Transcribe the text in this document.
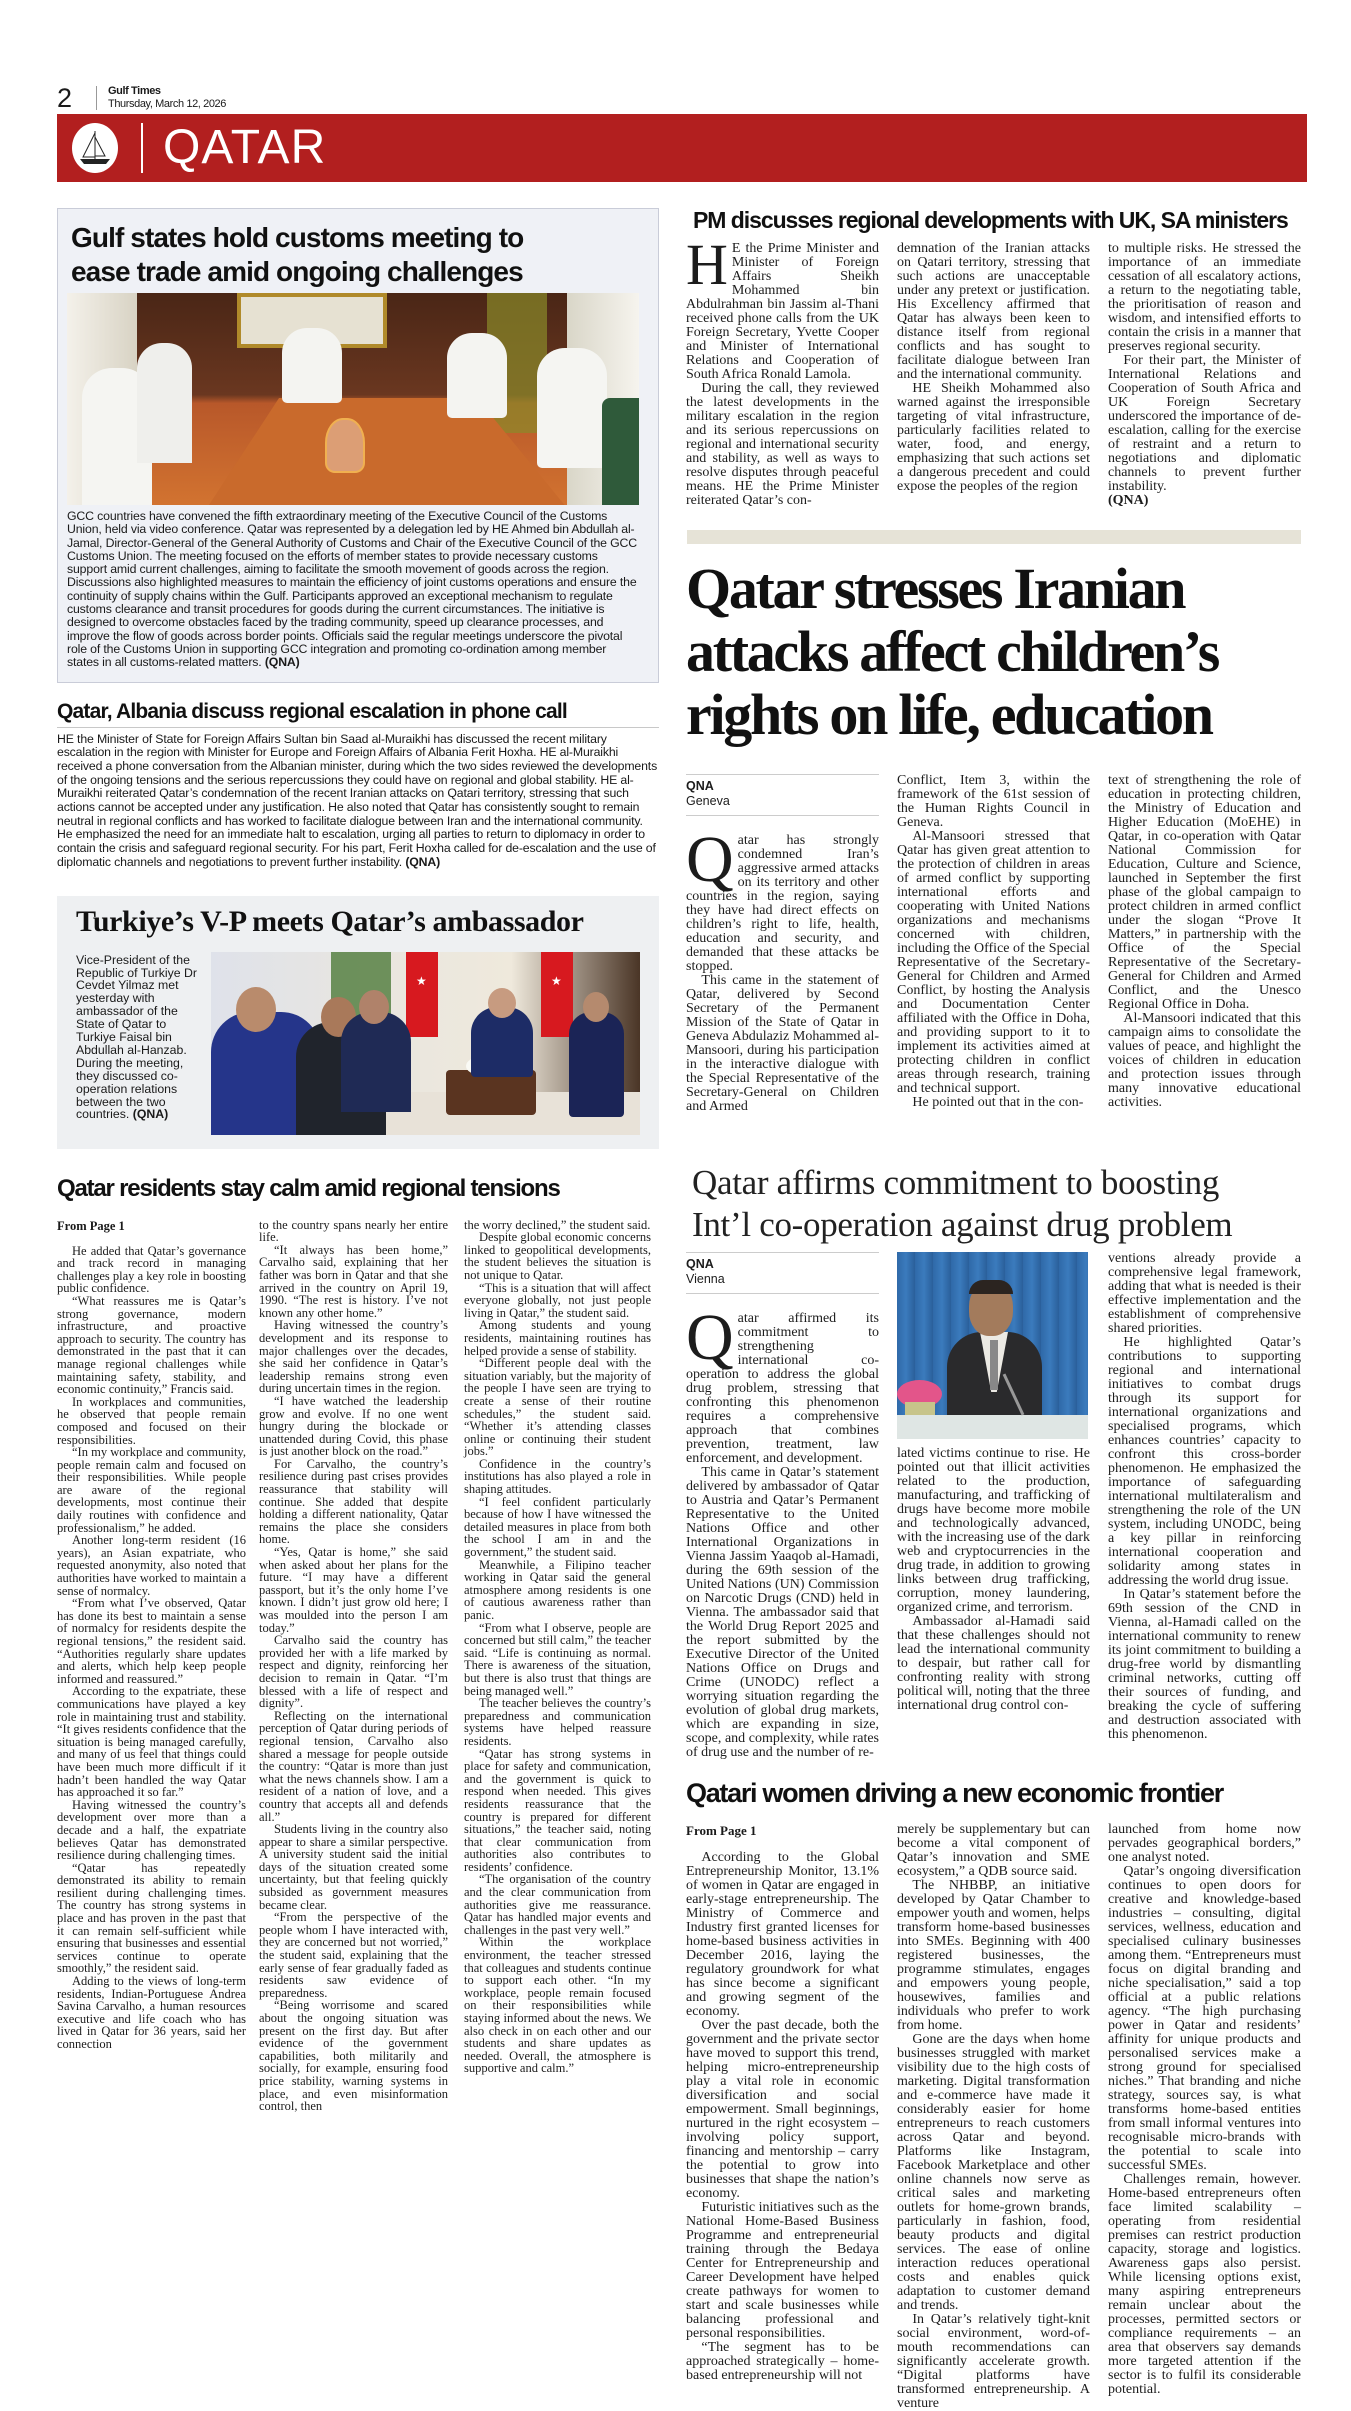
2	Gulf Times
Thursday, March 12, 2026
QATAR
Gulf states hold customs meeting to
ease trade amid ongoing challenges
GCC countries have convened the fifth extraordinary meeting of the Executive Council of the Customs Union, held via video conference. Qatar was represented by a delegation led by HE Ahmed bin Abdullah al-Jamal, Director-General of the General Authority of Customs and Chair of the Executive Council of the GCC Customs Union. The meeting focused on the efforts of member states to provide necessary customs support amid current challenges, aiming to facilitate the smooth movement of goods across the region. Discussions also highlighted measures to maintain the efficiency of joint customs operations and ensure the continuity of supply chains within the Gulf. Participants approved an exceptional mechanism to regulate customs clearance and transit procedures for goods during the current circumstances. The initiative is designed to overcome obstacles faced by the trading community, speed up clearance processes, and improve the flow of goods across border points. Officials said the regular meetings underscore the pivotal role of the Customs Union in supporting GCC integration and promoting co-ordination among member states in all customs-related matters. (QNA)
Qatar, Albania discuss regional escalation in phone call
HE the Minister of State for Foreign Affairs Sultan bin Saad al-Muraikhi has discussed the recent military escalation in the region with Minister for Europe and Foreign Affairs of Albania Ferit Hoxha. HE al-Muraikhi received a phone conversation from the Albanian minister, during which the two sides reviewed the developments of the ongoing tensions and the serious repercussions they could have on regional and global stability. HE al-Muraikhi reiterated Qatar’s condemnation of the recent Iranian attacks on Qatari territory, stressing that such actions cannot be accepted under any justification. He also noted that Qatar has consistently sought to remain neutral in regional conflicts and has worked to facilitate dialogue between Iran and the international community. He emphasized the need for an immediate halt to escalation, urging all parties to return to diplomacy in order to contain the crisis and safeguard regional security. For his part, Ferit Hoxha called for de-escalation and the use of diplomatic channels and negotiations to prevent further instability. (QNA)
Turkiye’s V-P meets Qatar’s ambassador
Vice-President of the Republic of Turkiye Dr Cevdet Yilmaz met yesterday with ambassador of the State of Qatar to Turkiye Faisal bin Abdullah al-Hanzab. During the meeting, they discussed co-operation relations between the two countries. (QNA)
★	★
Qatar residents stay calm amid regional tensions
From Page 1

He added that Qatar’s governance and track record in managing challenges play a key role in boosting public confidence.

“What reassures me is Qatar’s strong governance, modern infrastructure, and proactive approach to security. The country has demonstrated in the past that it can manage regional challenges while maintaining safety, stability, and economic continuity,” Francis said.

In workplaces and communities, he observed that people remain composed and focused on their responsibilities.

“In my workplace and community, people remain calm and focused on their responsibilities. While people are aware of the regional developments, most continue their daily routines with confidence and professionalism,” he added.

Another long-term resident (16 years), an Asian expatriate, who requested anonymity, also noted that authorities have worked to maintain a sense of normalcy.

“From what I’ve observed, Qatar has done its best to maintain a sense of normalcy for residents despite the regional tensions,” the resident said. “Authorities regularly share updates and alerts, which help keep people informed and reassured.”

According to the expatriate, these communications have played a key role in maintaining trust and stability. “It gives residents confidence that the situation is being managed carefully, and many of us feel that things could have been much more difficult if it hadn’t been handled the way Qatar has approached it so far.”

Having witnessed the country’s development over more than a decade and a half, the expatriate believes Qatar has demonstrated resilience during challenging times.

“Qatar has repeatedly demonstrated its ability to remain resilient during challenging times. The country has strong systems in place and has proven in the past that it can remain self-sufficient while ensuring that businesses and essential services continue to operate smoothly,” the resident said.

Adding to the views of long-term residents, Indian-Portuguese Andrea Savina Carvalho, a human resources executive and life coach who has lived in Qatar for 36 years, said her connection

to the country spans nearly her entire life.

“It always has been home,” Carvalho said, explaining that her father was born in Qatar and that she arrived in the country on April 19, 1990. “The rest is history. I’ve not known any other home.”

Having witnessed the country’s development and its response to major challenges over the decades, she said her confidence in Qatar’s leadership remains strong even during uncertain times in the region.

“I have watched the leadership grow and evolve. If no one went hungry during the blockade or unattended during Covid, this phase is just another block on the road.”

For Carvalho, the country’s resilience during past crises provides reassurance that stability will continue. She added that despite holding a different nationality, Qatar remains the place she considers home.

“Yes, Qatar is home,” she said when asked about her plans for the future. “I may have a different passport, but it’s the only home I’ve known. I didn’t just grow old here; I was moulded into the person I am today.”

Carvalho said the country has provided her with a life marked by respect and dignity, reinforcing her decision to remain in Qatar. “I’m blessed with a life of respect and dignity”.

Reflecting on the international perception of Qatar during periods of regional tension, Carvalho also shared a message for people outside the country: “Qatar is more than just what the news channels show. I am a resident of a nation of love, and a country that accepts all and defends all.”

Students living in the country also appear to share a similar perspective. A university student said the initial days of the situation created some uncertainty, but that feeling quickly subsided as government measures became clear.

“From the perspective of the people whom I have interacted with, they are concerned but not worried,” the student said, explaining that the early sense of fear gradually faded as residents saw evidence of preparedness.

“Being worrisome and scared about the ongoing situation was present on the first day. But after evidence of the government capabilities, both militarily and socially, for example, ensuring food price stability, warning systems in place, and even misinformation control, then

the worry declined,” the student said.

Despite global economic concerns linked to geopolitical developments, the student believes the situation is not unique to Qatar.

“This is a situation that will affect everyone globally, not just people living in Qatar,” the student said.

Among students and young residents, maintaining routines has helped provide a sense of stability.

“Different people deal with the situation variably, but the majority of the people I have seen are trying to create a sense of their routine schedules,” the student said. “Whether it’s attending classes online or continuing their student jobs.”

Confidence in the country’s institutions has also played a role in shaping attitudes.

“I feel confident particularly because of how I have witnessed the detailed measures in place from both the school I am in and the government,” the student said.

Meanwhile, a Filipino teacher working in Qatar said the general atmosphere among residents is one of cautious awareness rather than panic.

“From what I observe, people are concerned but still calm,” the teacher said. “Life is continuing as normal. There is awareness of the situation, but there is also trust that things are being managed well.”

The teacher believes the country’s preparedness and communication systems have helped reassure residents.

“Qatar has strong systems in place for safety and communication, and the government is quick to respond when needed. This gives residents reassurance that the country is prepared for different situations,” the teacher said, noting that clear communication from authorities also contributes to residents’ confidence.

“The organisation of the country and the clear communication from authorities give me reassurance. Qatar has handled major events and challenges in the past very well.”

Within the workplace environment, the teacher stressed that colleagues and students continue to support each other. “In my workplace, people remain focused on their responsibilities while staying informed about the news. We also check in on each other and our students and share updates as needed. Overall, the atmosphere is supportive and calm.”

PM discusses regional developments with UK, SA ministers

H E the Prime Minister and Minister of Foreign Affairs Sheikh Mohammed bin Abdulrahman bin Jassim al-Thani received phone calls from the UK Foreign Secretary, Yvette Cooper and Minister of International Relations and Cooperation of South Africa Ronald Lamola.

During the call, they reviewed the latest developments in the military escalation in the region and its serious repercussions on regional and international security and stability, as well as ways to resolve disputes through peaceful means. HE the Prime Minister reiterated Qatar’s con-

demnation of the Iranian attacks on Qatari territory, stressing that such actions are unacceptable under any pretext or justification. His Excellency affirmed that Qatar has always been keen to distance itself from regional conflicts and has sought to facilitate dialogue between Iran and the international community.

HE Sheikh Mohammed also warned against the irresponsible targeting of vital infrastructure, particularly facilities related to water, food, and energy, emphasizing that such actions set a dangerous precedent and could expose the peoples of the region

to multiple risks. He stressed the importance of an immediate cessation of all escalatory actions, a return to the negotiating table, the prioritisation of reason and wisdom, and intensified efforts to contain the crisis in a manner that preserves regional security.

For their part, the Minister of International Relations and Cooperation of South Africa and UK Foreign Secretary underscored the importance of de-escalation, calling for the exercise of restraint and a return to negotiations and diplomatic channels to prevent further instability.

(QNA)
Qatar stresses Iranian
attacks affect children’s
rights on life, education
QNA
Geneva

Qatar has strongly condemned Iran’s aggressive armed attacks on its territory and other countries in the region, saying they have had direct effects on children’s right to life, health, education and security, and demanded that these attacks be stopped.

This came in the statement of Qatar, delivered by Second Secretary of the Permanent Mission of the State of Qatar in Geneva Abdulaziz Mohammed al-Mansoori, during his participation in the interactive dialogue with the Special Representative of the Secretary-General on Children and Armed

Conflict, Item 3, within the framework of the 61st session of the Human Rights Council in Geneva.

Al-Mansoori stressed that Qatar has given great attention to the protection of children in areas of armed conflict by supporting international efforts and cooperating with United Nations organizations and mechanisms concerned with children, including the Office of the Special Representative of the Secretary-General for Children and Armed Conflict, by hosting the Analysis and Documentation Center affiliated with the Office in Doha, and providing support to it to implement its activities aimed at protecting children in conflict areas through research, training and technical support.

He pointed out that in the con-

text of strengthening the role of education in protecting children, the Ministry of Education and Higher Education (MoEHE) in Qatar, in co-operation with Qatar National Commission for Education, Culture and Science, launched in September the first phase of the global campaign to protect children in armed conflict under the slogan “Prove It Matters,” in partnership with the Office of the Special Representative of the Secretary-General for Children and Armed Conflict, and the Unesco Regional Office in Doha.

Al-Mansoori indicated that this campaign aims to consolidate the values of peace, and highlight the voices of children in education and protection issues through many innovative educational activities.

Qatar affirms commitment to boosting
Int’l co-operation against drug problem
QNA
Vienna

Qatar affirmed its commitment to strengthening international co-operation to address the global drug problem, stressing that confronting this phenomenon requires a comprehensive approach that combines prevention, treatment, law enforcement, and development.

This came in Qatar’s statement delivered by ambassador of Qatar to Austria and Qatar’s Permanent Representative to the United Nations Office and other International Organizations in Vienna Jassim Yaaqob al-Hamadi, during the 69th session of the United Nations (UN) Commission on Narcotic Drugs (CND) held in Vienna. The ambassador said that the World Drug Report 2025 and the report submitted by the Executive Director of the United Nations Office on Drugs and Crime (UNODC) reflect a worrying situation regarding the evolution of global drug markets, which are expanding in size, scope, and complexity, while rates of drug use and the number of re-

lated victims continue to rise. He pointed out that illicit activities related to the production, manufacturing, and trafficking of drugs have become more mobile and technologically advanced, with the increasing use of the dark web and cryptocurrencies in the drug trade, in addition to growing links between drug trafficking, corruption, money laundering, organized crime, and terrorism.

Ambassador al-Hamadi said that these challenges should not lead the international community to despair, but rather call for confronting reality with strong political will, noting that the three international drug control con-

ventions already provide a comprehensive legal framework, adding that what is needed is their effective implementation and the establishment of comprehensive shared priorities.

He highlighted Qatar’s contributions to supporting regional and international initiatives to combat drugs through its support for international organizations and specialised programs, which enhances countries’ capacity to confront this cross-border phenomenon. He emphasized the importance of safeguarding international multilateralism and strengthening the role of the UN system, including UNODC, being a key pillar in reinforcing international cooperation and solidarity among states in addressing the world drug issue.

In Qatar’s statement before the 69th session of the CND in Vienna, al-Hamadi called on the international community to renew its joint commitment to building a drug-free world by dismantling criminal networks, cutting off their sources of funding, and breaking the cycle of suffering and destruction associated with this phenomenon.

Qatari women driving a new economic frontier
From Page 1

According to the Global Entrepreneurship Monitor, 13.1% of women in Qatar are engaged in early-stage entrepreneurship. The Ministry of Commerce and Industry first granted licenses for home-based business activities in December 2016, laying the regulatory groundwork for what has since become a significant and growing segment of the economy.

Over the past decade, both the government and the private sector have moved to support this trend, helping micro-entrepreneurship play a vital role in economic diversification and social empowerment. Small beginnings, nurtured in the right ecosystem – involving policy support, financing and mentorship – carry the potential to grow into businesses that shape the nation’s economy.

Futuristic initiatives such as the National Home-Based Business Programme and entrepreneurial training through the Bedaya Center for Entrepreneurship and Career Development have helped create pathways for women to start and scale businesses while balancing professional and personal responsibilities.

“The segment has to be approached strategically – home-based entrepreneurship will not

merely be supplementary but can become a vital component of Qatar’s innovation and SME ecosystem,” a QDB source said.

The NHBBP, an initiative developed by Qatar Chamber to empower youth and women, helps transform home-based businesses into SMEs. Beginning with 400 registered businesses, the programme stimulates, engages and empowers young people, housewives, families and individuals who prefer to work from home.

Gone are the days when home businesses struggled with market visibility due to the high costs of marketing. Digital transformation and e-commerce have made it considerably easier for home entrepreneurs to reach customers across Qatar and beyond. Platforms like Instagram, Facebook Marketplace and other online channels now serve as critical sales and marketing outlets for home-grown brands, particularly in fashion, food, beauty products and digital services. The ease of online interaction reduces operational costs and enables quick adaptation to customer demand and trends.

In Qatar’s relatively tight-knit social environment, word-of-mouth recommendations can significantly accelerate growth. “Digital platforms have transformed entrepreneurship. A venture

launched from home now pervades geographical borders,” one analyst noted.

Qatar’s ongoing diversification continues to open doors for creative and knowledge-based industries – consulting, digital services, wellness, education and specialised culinary businesses among them. “Entrepreneurs must focus on digital branding and niche specialisation,” said a top official at a public relations agency. “The high purchasing power in Qatar and residents’ affinity for unique products and personalised services make a strong ground for specialised niches.” That branding and niche strategy, sources say, is what transforms home-based entities from small informal ventures into recognisable micro-brands with the potential to scale into successful SMEs.

Challenges remain, however. Home-based entrepreneurs often face limited scalability – operating from residential premises can restrict production capacity, storage and logistics. Awareness gaps also persist. While licensing options exist, many aspiring entrepreneurs remain unclear about the processes, permitted sectors or compliance requirements – an area that observers say demands more targeted attention if the sector is to fulfil its considerable potential.
